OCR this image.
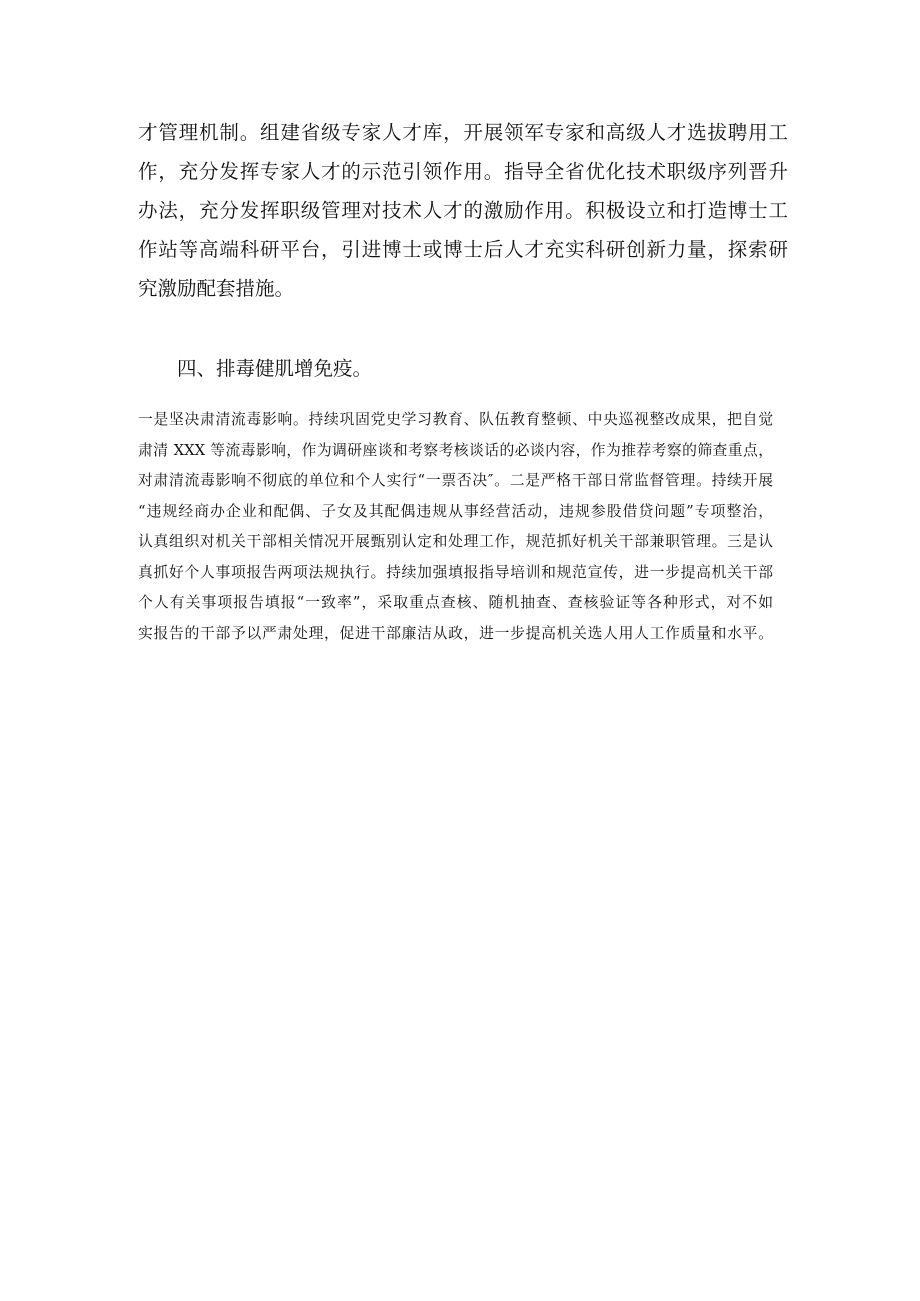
才管理机制。组建省级专家人才库，开展领军专家和高级人才选拔聘用工
作，充分发挥专家人才的示范引领作用。指导全省优化技术职级序列晋升
办法，充分发挥职级管理对技术人才的激励作用。积极设立和打造博士工
作站等高端科研平台，引进博士或博士后人才充实科研创新力量，探索研
究激励配套措施。
四、排毒健肌增免疫。
一是坚决肃清流毒影响。持续巩固党史学习教育、队伍教育整顿、中央巡视整改成果，把自觉
肃清 XXX 等流毒影响，作为调研座谈和考察考核谈话的必谈内容，作为推荐考察的筛查重点，
对肃清流毒影响不彻底的单位和个人实行“一票否决″。二是严格干部日常监督管理。持续开展
“违规经商办企业和配偶、子女及其配偶违规从事经营活动，违规参股借贷问题”专项整治，
认真组织对机关干部相关情况开展甄别认定和处理工作，规范抓好机关干部兼职管理。三是认
真抓好个人事项报告两项法规执行。持续加强填报指导培训和规范宣传，进一步提高机关干部
个人有关事项报告填报“一致率”，采取重点查核、随机抽查、查核验证等各种形式，对不如
实报告的干部予以严肃处理，促进干部廉洁从政，进一步提高机关选人用人工作质量和水平。
